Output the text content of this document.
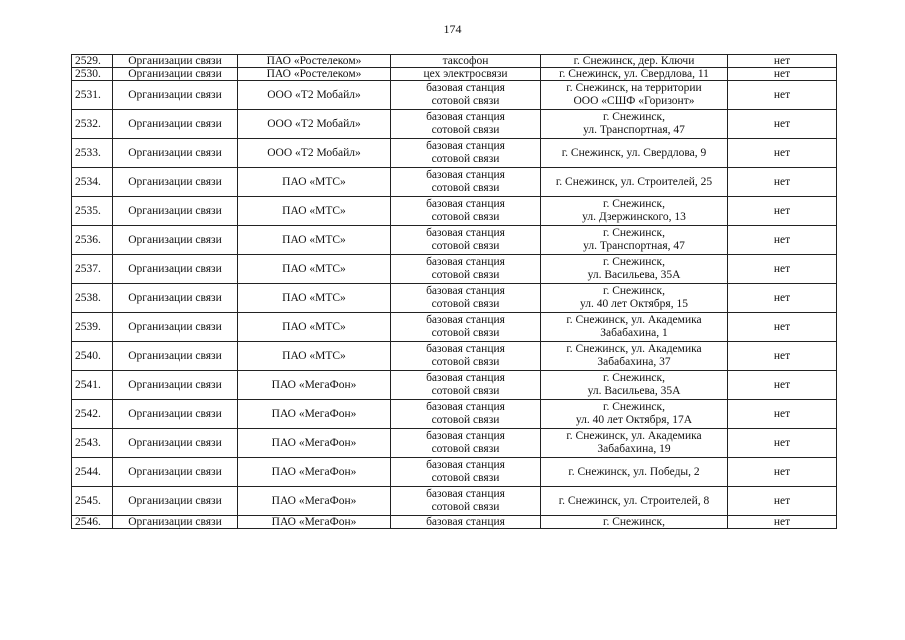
174
2529.	Организации связи	ПАО «Ростелеком»	таксофон	г. Снежинск, дер. Ключи	нет
2530.	Организации связи	ПАО «Ростелеком»	цех электросвязи	г. Снежинск, ул. Свердлова, 11	нет
2531.	Организации связи	ООО «Т2 Мобайл»	базовая станция
сотовой связи	г. Снежинск, на территории
ООО «СШФ «Горизонт»	нет
2532.	Организации связи	ООО «Т2 Мобайл»	базовая станция
сотовой связи	г. Снежинск,
ул. Транспортная, 47	нет
2533.	Организации связи	ООО «Т2 Мобайл»	базовая станция
сотовой связи	г. Снежинск, ул. Свердлова, 9	нет
2534.	Организации связи	ПАО «МТС»	базовая станция
сотовой связи	г. Снежинск, ул. Строителей, 25	нет
2535.	Организации связи	ПАО «МТС»	базовая станция
сотовой связи	г. Снежинск,
ул. Дзержинского, 13	нет
2536.	Организации связи	ПАО «МТС»	базовая станция
сотовой связи	г. Снежинск,
ул. Транспортная, 47	нет
2537.	Организации связи	ПАО «МТС»	базовая станция
сотовой связи	г. Снежинск,
ул. Васильева, 35А	нет
2538.	Организации связи	ПАО «МТС»	базовая станция
сотовой связи	г. Снежинск,
ул. 40 лет Октября, 15	нет
2539.	Организации связи	ПАО «МТС»	базовая станция
сотовой связи	г. Снежинск, ул. Академика
Забабахина, 1	нет
2540.	Организации связи	ПАО «МТС»	базовая станция
сотовой связи	г. Снежинск, ул. Академика
Забабахина, 37	нет
2541.	Организации связи	ПАО «МегаФон»	базовая станция
сотовой связи	г. Снежинск,
ул. Васильева, 35А	нет
2542.	Организации связи	ПАО «МегаФон»	базовая станция
сотовой связи	г. Снежинск,
ул. 40 лет Октября, 17А	нет
2543.	Организации связи	ПАО «МегаФон»	базовая станция
сотовой связи	г. Снежинск, ул. Академика
Забабахина, 19	нет
2544.	Организации связи	ПАО «МегаФон»	базовая станция
сотовой связи	г. Снежинск, ул. Победы, 2	нет
2545.	Организации связи	ПАО «МегаФон»	базовая станция
сотовой связи	г. Снежинск, ул. Строителей, 8	нет
2546.	Организации связи	ПАО «МегаФон»	базовая станция	г. Снежинск,	нет
